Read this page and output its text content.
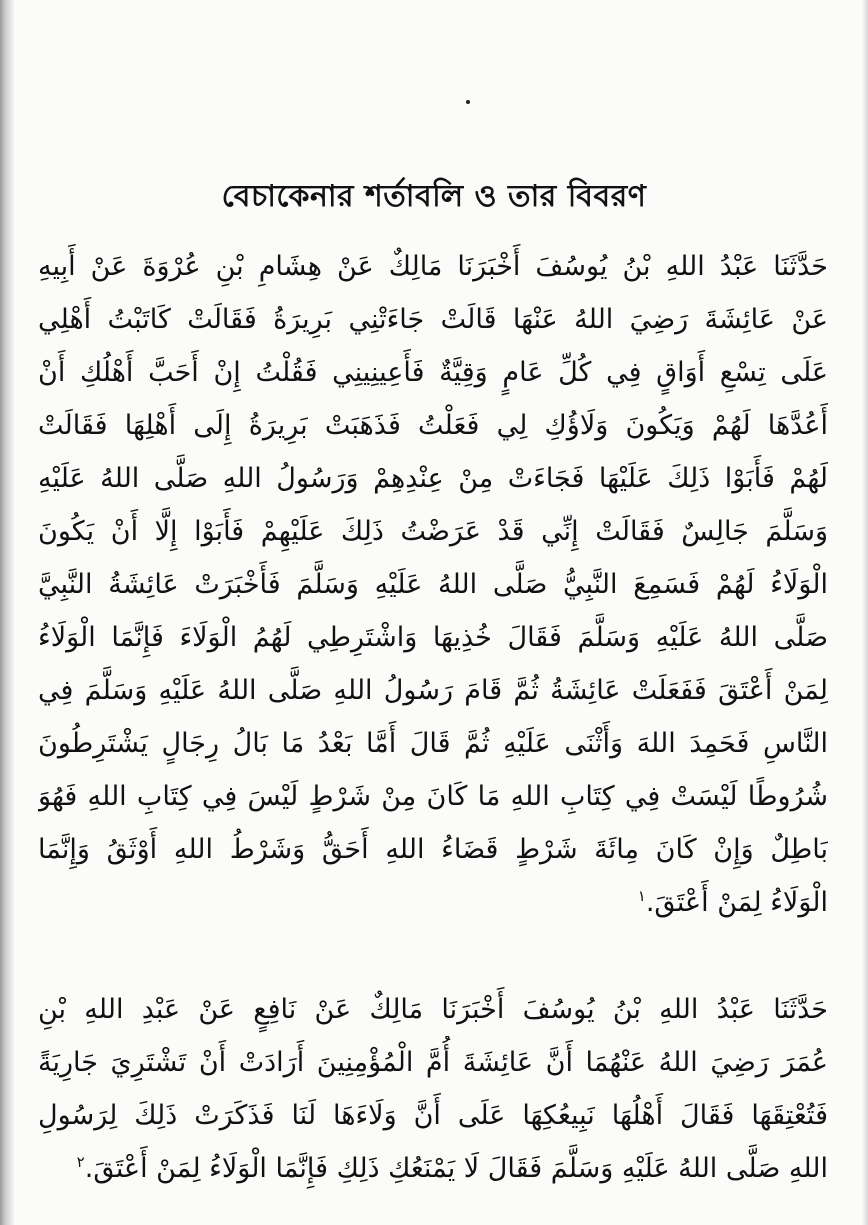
বেচাকেনার শর্তাবলি ও তার বিবরণ
حَدَّثَنَا عَبْدُ اللهِ بْنُ يُوسُفَ أَخْبَرَنَا مَالِكٌ عَنْ هِشَامِ بْنِ عُرْوَةَ عَنْ أَبِيهِ
عَنْ عَائِشَةَ رَضِيَ اللهُ عَنْهَا قَالَتْ جَاءَتْنِي بَرِيرَةُ فَقَالَتْ كَاتَبْتُ أَهْلِي
عَلَى تِسْعِ أَوَاقٍ فِي كُلِّ عَامٍ وَقِيَّةٌ فَأَعِينِينِي فَقُلْتُ إِنْ أَحَبَّ أَهْلُكِ أَنْ
أَعُدَّهَا لَهُمْ وَيَكُونَ وَلَاؤُكِ لِي فَعَلْتُ فَذَهَبَتْ بَرِيرَةُ إِلَى أَهْلِهَا فَقَالَتْ
لَهُمْ فَأَبَوْا ذَلِكَ عَلَيْهَا فَجَاءَتْ مِنْ عِنْدِهِمْ وَرَسُولُ اللهِ صَلَّى اللهُ عَلَيْهِ
وَسَلَّمَ جَالِسٌ فَقَالَتْ إِنِّي قَدْ عَرَضْتُ ذَلِكَ عَلَيْهِمْ فَأَبَوْا إِلَّا أَنْ يَكُونَ
الْوَلَاءُ لَهُمْ فَسَمِعَ النَّبِيُّ صَلَّى اللهُ عَلَيْهِ وَسَلَّمَ فَأَخْبَرَتْ عَائِشَةُ النَّبِيَّ
صَلَّى اللهُ عَلَيْهِ وَسَلَّمَ فَقَالَ خُذِيهَا وَاشْتَرِطِي لَهُمُ الْوَلَاءَ فَإِنَّمَا الْوَلَاءُ
لِمَنْ أَعْتَقَ فَفَعَلَتْ عَائِشَةُ ثُمَّ قَامَ رَسُولُ اللهِ صَلَّى اللهُ عَلَيْهِ وَسَلَّمَ فِي
النَّاسِ فَحَمِدَ اللهَ وَأَثْنَى عَلَيْهِ ثُمَّ قَالَ أَمَّا بَعْدُ مَا بَالُ رِجَالٍ يَشْتَرِطُونَ
شُرُوطًا لَيْسَتْ فِي كِتَابِ اللهِ مَا كَانَ مِنْ شَرْطٍ لَيْسَ فِي كِتَابِ اللهِ فَهُوَ
بَاطِلٌ وَإِنْ كَانَ مِائَةَ شَرْطٍ قَضَاءُ اللهِ أَحَقُّ وَشَرْطُ اللهِ أَوْثَقُ وَإِنَّمَا
الْوَلَاءُ لِمَنْ أَعْتَقَ.$^١$
حَدَّثَنَا عَبْدُ اللهِ بْنُ يُوسُفَ أَخْبَرَنَا مَالِكٌ عَنْ نَافِعٍ عَنْ عَبْدِ اللهِ بْنِ
عُمَرَ رَضِيَ اللهُ عَنْهُمَا أَنَّ عَائِشَةَ أُمَّ الْمُؤْمِنِينَ أَرَادَتْ أَنْ تَشْتَرِيَ جَارِيَةً
فَتُعْتِقَهَا فَقَالَ أَهْلُهَا نَبِيعُكِهَا عَلَى أَنَّ وَلَاءَهَا لَنَا فَذَكَرَتْ ذَلِكَ لِرَسُولِ
اللهِ صَلَّى اللهُ عَلَيْهِ وَسَلَّمَ فَقَالَ لَا يَمْنَعُكِ ذَلِكِ فَإِنَّمَا الْوَلَاءُ لِمَنْ أَعْتَقَ.$^٢$
